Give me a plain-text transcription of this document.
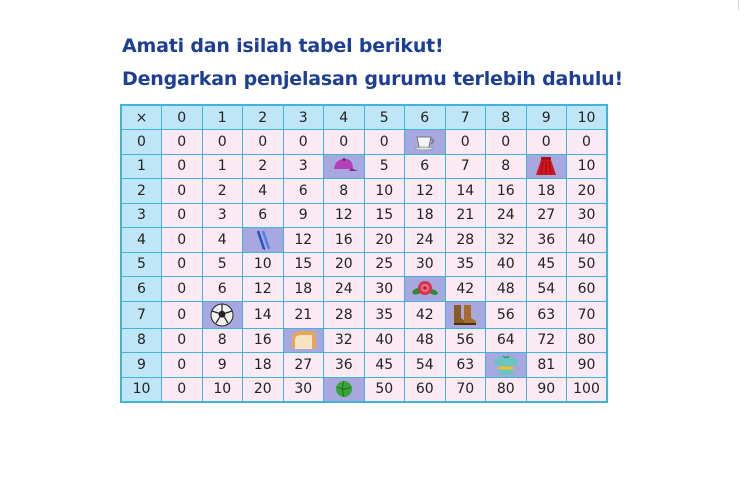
Amati dan isilah tabel berikut!
Dengarkan penjelasan gurumu terlebih dahulu!
×	0	1	2	3	4	5	6	7	8	9	10
0	0	0	0	0	0	0		0	0	0	0
1	0	1	2	3		5	6	7	8		10
2	0	2	4	6	8	10	12	14	16	18	20
3	0	3	6	9	12	15	18	21	24	27	30
4	0	4		12	16	20	24	28	32	36	40
5	0	5	10	15	20	25	30	35	40	45	50
6	0	6	12	18	24	30		42	48	54	60
7	0		14	21	28	35	42		56	63	70
8	0	8	16		32	40	48	56	64	72	80
9	0	9	18	27	36	45	54	63		81	90
10	0	10	20	30		50	60	70	80	90	100
